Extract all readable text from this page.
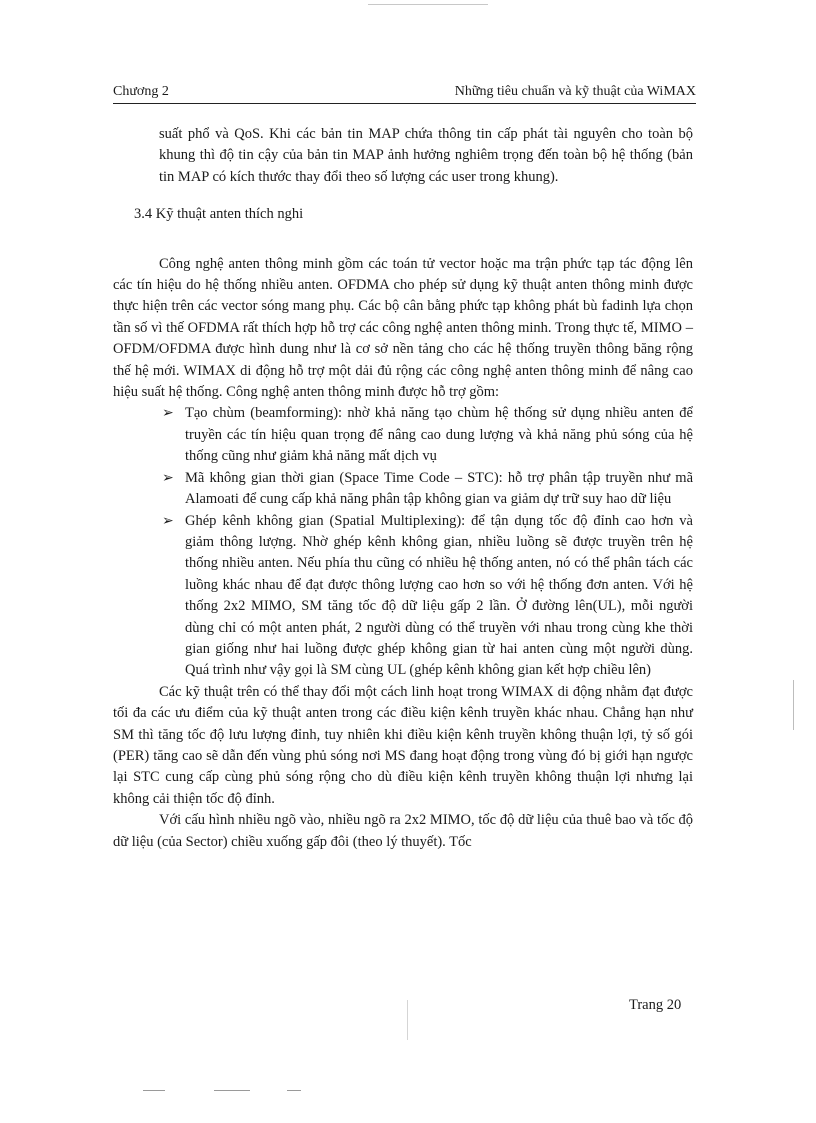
Chương 2	Những tiêu chuẩn và kỹ thuật của WiMAX

suất phổ và QoS. Khi các bản tin MAP chứa thông tin cấp phát tài nguyên cho toàn bộ khung thì độ tin cậy của bản tin MAP ảnh hưởng nghiêm trọng đến toàn bộ hệ thống (bản tin MAP có kích thước thay đổi theo số lượng các user trong khung).

3.4 Kỹ thuật anten thích nghi

Công nghệ anten thông minh gồm các toán tử vector hoặc ma trận phức tạp tác động lên các tín hiệu do hệ thống nhiều anten. OFDMA cho phép sử dụng kỹ thuật anten thông minh được thực hiện trên các vector sóng mang phụ. Các bộ cân bằng phức tạp không phát bù fadinh lựa chọn tần số vì thế OFDMA rất thích hợp hỗ trợ các công nghệ anten thông minh. Trong thực tế, MIMO – OFDM/OFDMA được hình dung như là cơ sở nền tảng cho các hệ thống truyền thông băng rộng thế hệ mới. WIMAX di động hỗ trợ một dải đủ rộng các công nghệ anten thông minh để nâng cao hiệu suất hệ thống. Công nghệ anten thông minh được hỗ trợ gồm:

➢ Tạo chùm (beamforming): nhờ khả năng tạo chùm hệ thống sử dụng nhiều anten để truyền các tín hiệu quan trọng để nâng cao dung lượng và khả năng phủ sóng của hệ thống cũng như giảm khả năng mất dịch vụ
➢ Mã không gian thời gian (Space Time Code – STC): hỗ trợ phân tập truyền như mã Alamoati để cung cấp khả năng phân tập không gian va giảm dự trữ suy hao dữ liệu
➢ Ghép kênh không gian (Spatial Multiplexing): để tận dụng tốc độ đỉnh cao hơn và giảm thông lượng. Nhờ ghép kênh không gian, nhiều luồng sẽ được truyền trên hệ thống nhiều anten. Nếu phía thu cũng có nhiều hệ thống anten, nó có thể phân tách các luồng khác nhau để đạt được thông lượng cao hơn so với hệ thống đơn anten. Với hệ thống 2x2 MIMO, SM tăng tốc độ dữ liệu gấp 2 lần. Ở đường lên(UL), mỗi người dùng chỉ có một anten phát, 2 người dùng có thể truyền với nhau trong cùng khe thời gian giống như hai luồng được ghép không gian từ hai anten cùng một người dùng. Quá trình như vậy gọi là SM cùng UL (ghép kênh không gian kết hợp chiều lên)

Các kỹ thuật trên có thể thay đổi một cách linh hoạt trong WIMAX di động nhằm đạt được tối đa các ưu điểm của kỹ thuật anten trong các điều kiện kênh truyền khác nhau. Chẳng hạn như SM thì tăng tốc độ lưu lượng đỉnh, tuy nhiên khi điều kiện kênh truyền không thuận lợi, tỷ số gói (PER) tăng cao sẽ dẫn đến vùng phủ sóng nơi MS đang hoạt động trong vùng đó bị giới hạn ngược lại STC cung cấp cùng phủ sóng rộng cho dù điều kiện kênh truyền không thuận lợi nhưng lại không cải thiện tốc độ đỉnh.

Với cấu hình nhiều ngõ vào, nhiều ngõ ra 2x2 MIMO, tốc độ dữ liệu của thuê bao và tốc độ dữ liệu (của Sector) chiều xuống gấp đôi (theo lý thuyết). Tốc

Trang 20
